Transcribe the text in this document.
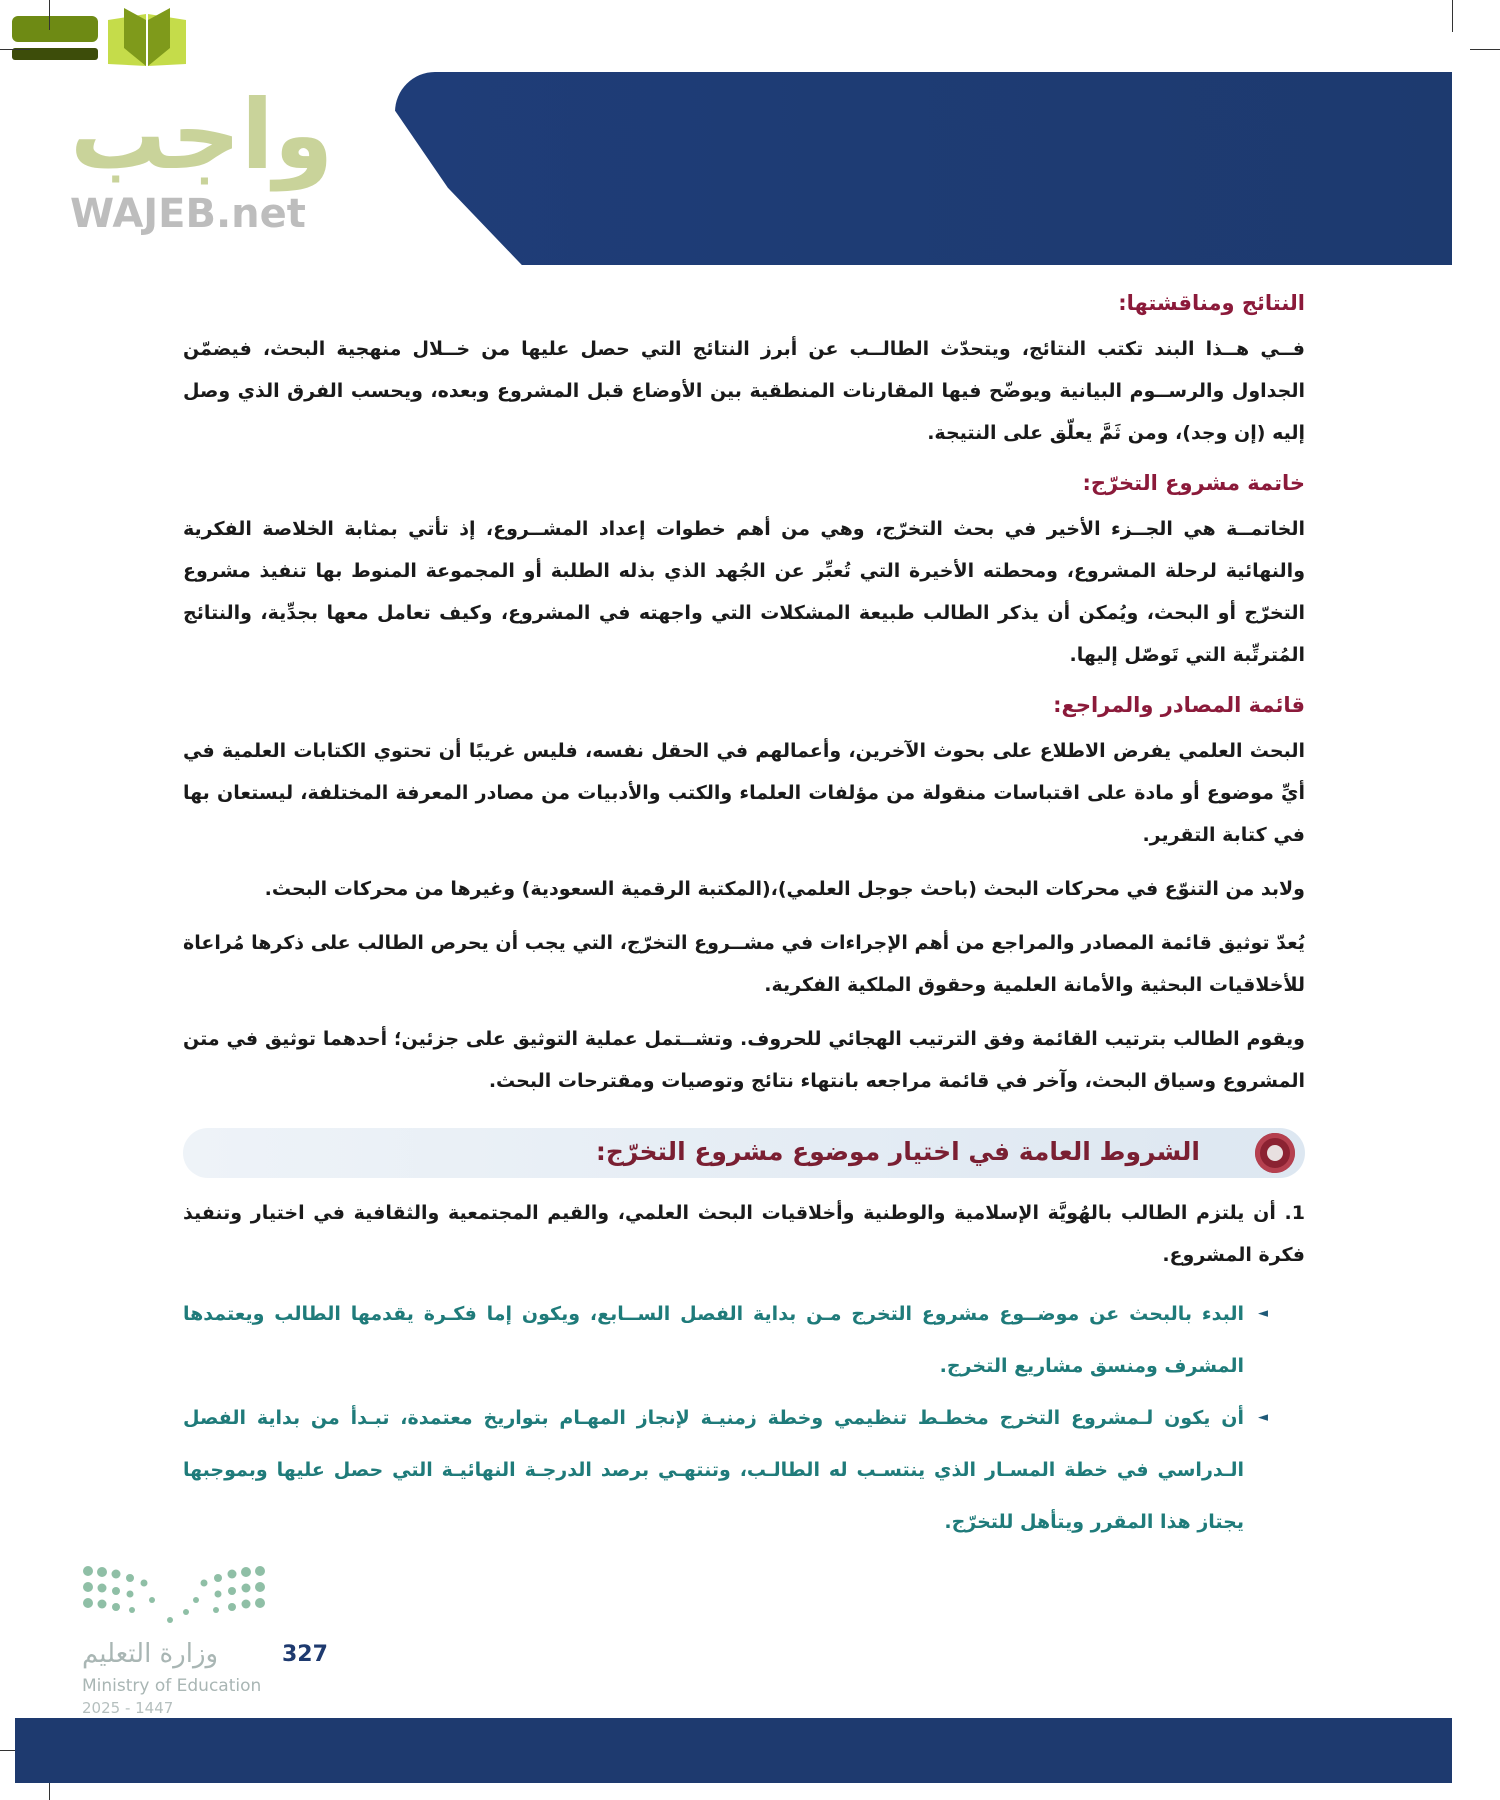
واجب
WAJEB.net
النتائج ومناقشتها:

فــي هــذا البند تكتب النتائج، ويتحدّث الطالــب عن أبرز النتائج التي حصل عليها من خــلال منهجية البحث، فيضمّن الجداول والرســوم البيانية ويوضّح فيها المقارنات المنطقية بين الأوضاع قبل المشروع وبعده، ويحسب الفرق الذي وصل إليه (إن وجد)، ومن ثَمَّ يعلّق على النتيجة.

خاتمة مشروع التخرّج:

الخاتمــة هي الجــزء الأخير في بحث التخرّج، وهي من أهم خطوات إعداد المشــروع، إذ تأتي بمثابة الخلاصة الفكرية والنهائية لرحلة المشروع، ومحطته الأخيرة التي تُعبِّر عن الجُهد الذي بذله الطلبة أو المجموعة المنوط بها تنفيذ مشروع التخرّج أو البحث، ويُمكن أن يذكر الطالب طبيعة المشكلات التي واجهته في المشروع، وكيف تعامل معها بجدِّية، والنتائج المُترتِّبة التي تَوصّل إليها.

قائمة المصادر والمراجع:

البحث العلمي يفرض الاطلاع على بحوث الآخرين، وأعمالهم في الحقل نفسه، فليس غريبًا أن تحتوي الكتابات العلمية في أيِّ موضوع أو مادة على اقتباسات منقولة من مؤلفات العلماء والكتب والأدبيات من مصادر المعرفة المختلفة، ليستعان بها في كتابة التقرير.

ولابد من التنوّع في محركات البحث (باحث جوجل العلمي)،(المكتبة الرقمية السعودية) وغيرها من محركات البحث.

يُعدّ توثيق قائمة المصادر والمراجع من أهم الإجراءات في مشــروع التخرّج، التي يجب أن يحرص الطالب على ذكرها مُراعاة للأخلاقيات البحثية والأمانة العلمية وحقوق الملكية الفكرية.

ويقوم الطالب بترتيب القائمة وفق الترتيب الهجائي للحروف. وتشــتمل عملية التوثيق على جزئين؛ أحدهما توثيق في متن المشروع وسياق البحث، وآخر في قائمة مراجعه بانتهاء نتائج وتوصيات ومقترحات البحث.

الشروط العامة في اختيار موضوع مشروع التخرّج:

1. أن يلتزم الطالب بالهُويَّة الإسلامية والوطنية وأخلاقيات البحث العلمي، والقيم المجتمعية والثقافية في اختيار وتنفيذ فكرة المشروع.

◄
البدء بالبحث عن موضــوع مشروع التخرج مـن بداية الفصل الســابع، ويكون إما فكـرة يقدمها الطالب ويعتمدها المشرف ومنسق مشاريع التخرج.
◄
أن يكون لـمشروع التخرج مخطـط تنظيمي وخطة زمنيـة لإنجاز المهـام بتواريخ معتمدة، تبـدأ من بداية الفصل الـدراسي في خطة المسـار الذي ينتسـب له الطالـب، وتنتهـي برصد الدرجـة النهائيـة التي حصل عليها وبموجبها يجتاز هذا المقرر ويتأهل للتخرّج.
وزارة التعليم	327
Ministry of Education
2025 - 1447
